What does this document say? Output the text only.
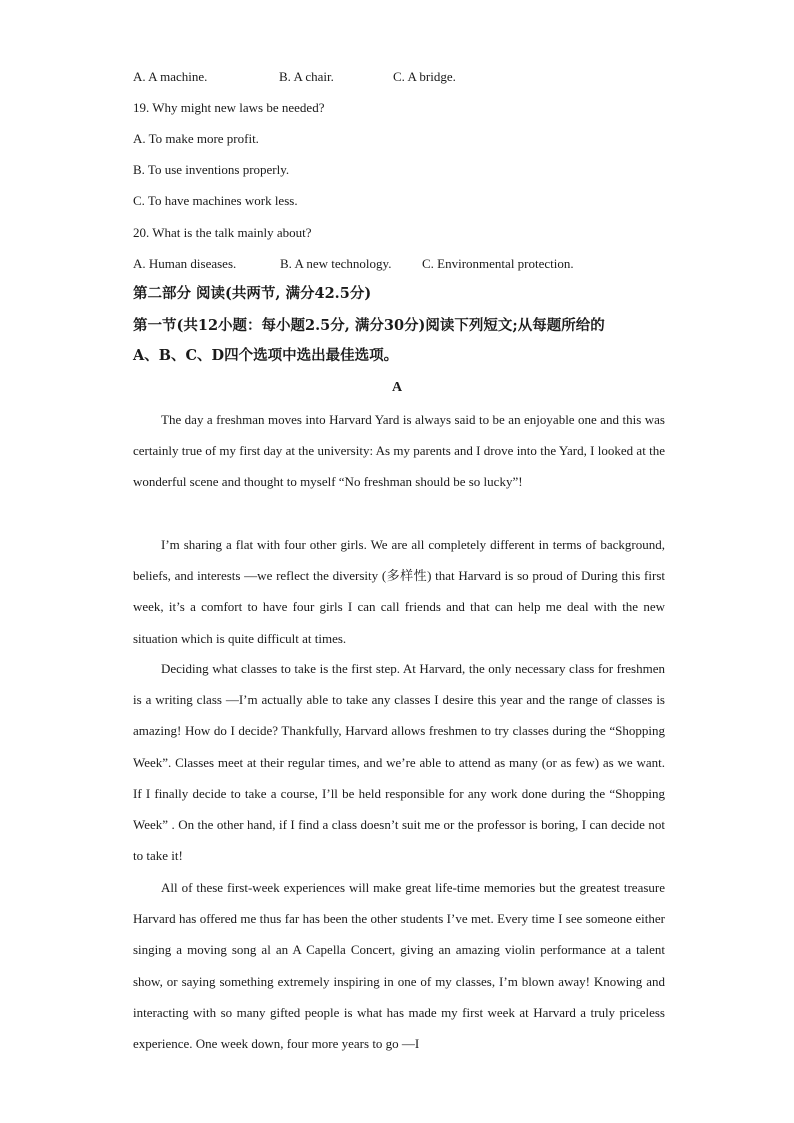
A. A machine.	B. A chair.	C. A bridge.
19. Why might new laws be needed?
A. To make more profit.
B. To use inventions properly.
C. To have machines work less.
20. What is the talk mainly about?
A. Human diseases.	B. A new technology. C. Environmental protection.
第二部分 阅读(共两节, 满分42.5分)
第一节(共12小题：每小题2.5分, 满分30分)阅读下列短文;从每题所给的
A、B、C、D四个选项中选出最佳选项。
A

The day a freshman moves into Harvard Yard is always said to be an enjoyable one and this was certainly true of my first day at the university: As my parents and I drove into the Yard, I looked at the wonderful scene and thought to myself “No freshman should be so lucky”!

I’m sharing a flat with four other girls. We are all completely different in terms of background, beliefs, and interests —we reflect the diversity (多样性) that Harvard is so proud of During this first week, it’s a comfort to have four girls I can call friends and that can help me deal with the new situation which is quite difficult at times.

Deciding what classes to take is the first step. At Harvard, the only necessary class for freshmen is a writing class —I’m actually able to take any classes I desire this year and the range of classes is amazing! How do I decide? Thankfully, Harvard allows freshmen to try classes during the “Shopping Week”. Classes meet at their regular times, and we’re able to attend as many (or as few) as we want. If I finally decide to take a course, I’ll be held responsible for any work done during the “Shopping Week” . On the other hand, if I find a class doesn’t suit me or the professor is boring, I can decide not to take it!

All of these first-week experiences will make great life-time memories but the greatest treasure Harvard has offered me thus far has been the other students I’ve met. Every time I see someone either singing a moving song al an A Capella Concert, giving an amazing violin performance at a talent show, or saying something extremely inspiring in one of my classes, I’m blown away! Knowing and interacting with so many gifted people is what has made my first week at Harvard a truly priceless experience. One week down, four more years to go —I
